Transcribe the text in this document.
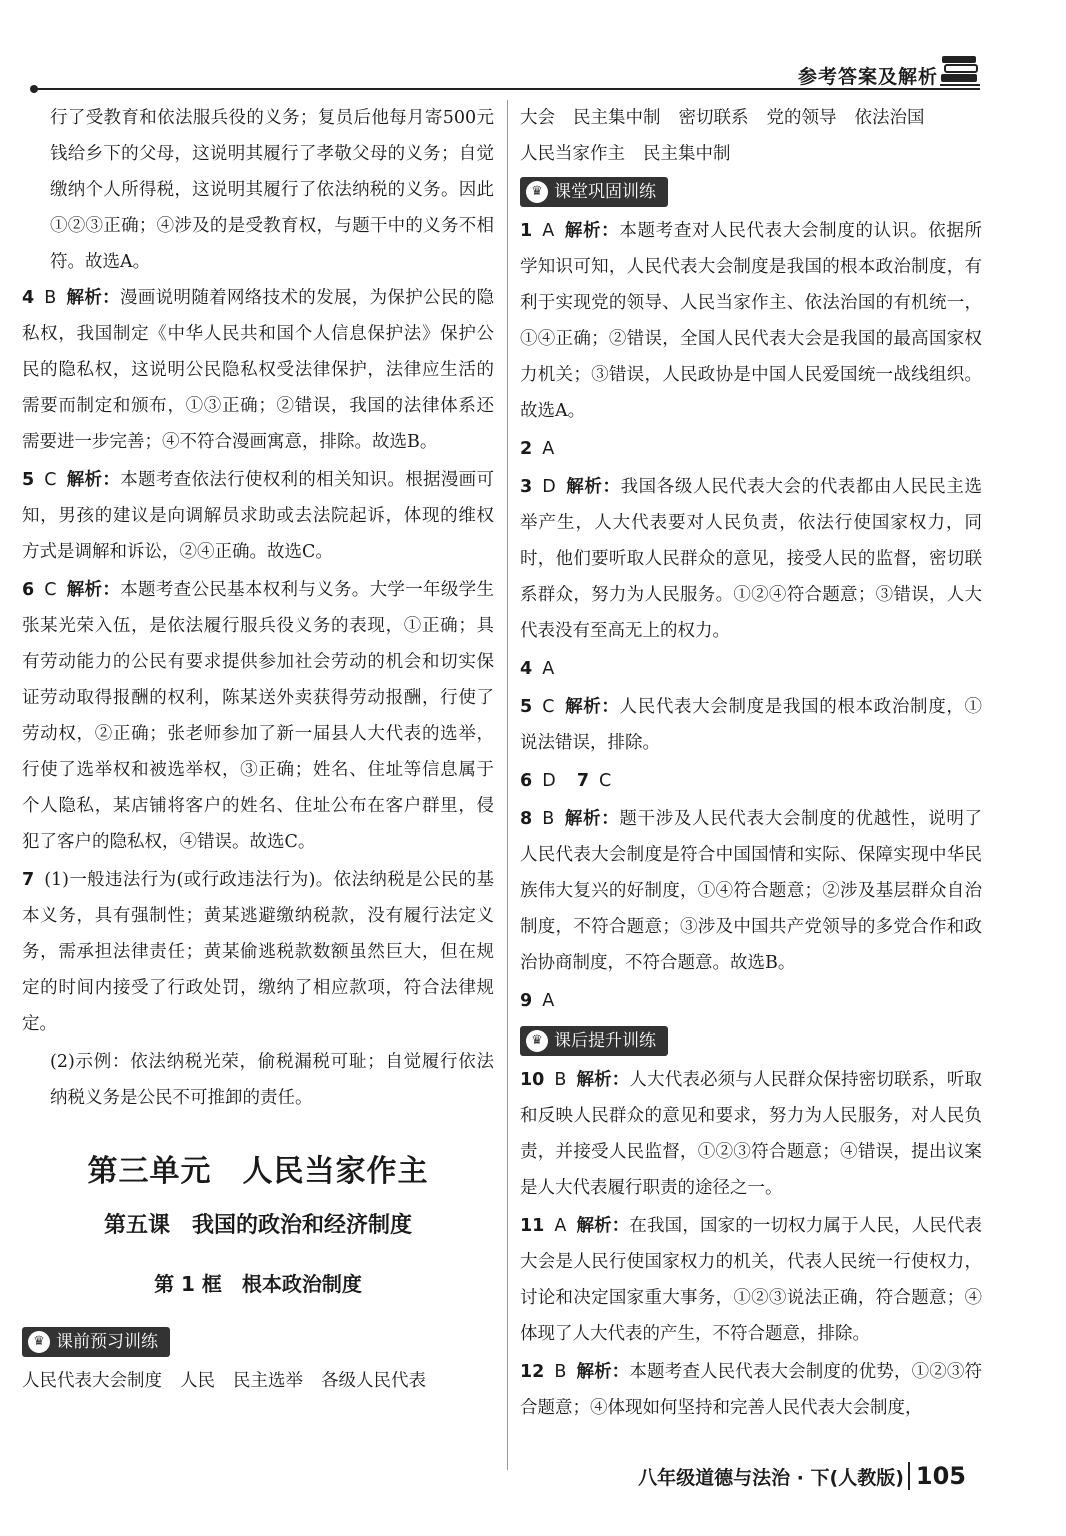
参考答案及解析

行了受教育和依法服兵役的义务；复员后他每月寄500元钱给乡下的父母，这说明其履行了孝敬父母的义务；自觉缴纳个人所得税，这说明其履行了依法纳税的义务。因此①②③正确；④涉及的是受教育权，与题干中的义务不相符。故选A。

4 B 解析：漫画说明随着网络技术的发展，为保护公民的隐私权，我国制定《中华人民共和国个人信息保护法》保护公民的隐私权，这说明公民隐私权受法律保护，法律应生活的需要而制定和颁布，①③正确；②错误，我国的法律体系还需要进一步完善；④不符合漫画寓意，排除。故选B。

5 C 解析：本题考查依法行使权利的相关知识。根据漫画可知，男孩的建议是向调解员求助或去法院起诉，体现的维权方式是调解和诉讼，②④正确。故选C。

6 C 解析：本题考查公民基本权利与义务。大学一年级学生张某光荣入伍，是依法履行服兵役义务的表现，①正确；具有劳动能力的公民有要求提供参加社会劳动的机会和切实保证劳动取得报酬的权利，陈某送外卖获得劳动报酬，行使了劳动权，②正确；张老师参加了新一届县人大代表的选举，行使了选举权和被选举权，③正确；姓名、住址等信息属于个人隐私，某店铺将客户的姓名、住址公布在客户群里，侵犯了客户的隐私权，④错误。故选C。

7 (1)一般违法行为(或行政违法行为)。依法纳税是公民的基本义务，具有强制性；黄某逃避缴纳税款，没有履行法定义务，需承担法律责任；黄某偷逃税款数额虽然巨大，但在规定的时间内接受了行政处罚，缴纳了相应款项，符合法律规定。

(2)示例：依法纳税光荣，偷税漏税可耻；自觉履行依法纳税义务是公民不可推卸的责任。

第三单元　人民当家作主
第五课　我国的政治和经济制度
第 1 框　根本政治制度
♛ 课前预习训练

人民代表大会制度 人民 民主选举 各级人民代表

大会 民主集中制 密切联系 党的领导 依法治国

人民当家作主 民主集中制

♛ 课堂巩固训练

1 A 解析：本题考查对人民代表大会制度的认识。依据所学知识可知，人民代表大会制度是我国的根本政治制度，有利于实现党的领导、人民当家作主、依法治国的有机统一，①④正确；②错误，全国人民代表大会是我国的最高国家权力机关；③错误，人民政协是中国人民爱国统一战线组织。故选A。

2 A

3 D 解析：我国各级人民代表大会的代表都由人民民主选举产生，人大代表要对人民负责，依法行使国家权力，同时，他们要听取人民群众的意见，接受人民的监督，密切联系群众，努力为人民服务。①②④符合题意；③错误，人大代表没有至高无上的权力。

4 A

5 C 解析：人民代表大会制度是我国的根本政治制度，①说法错误，排除。

6 D 7 C

8 B 解析：题干涉及人民代表大会制度的优越性，说明了人民代表大会制度是符合中国国情和实际、保障实现中华民族伟大复兴的好制度，①④符合题意；②涉及基层群众自治制度，不符合题意；③涉及中国共产党领导的多党合作和政治协商制度，不符合题意。故选B。

9 A

♛ 课后提升训练

10 B 解析：人大代表必须与人民群众保持密切联系，听取和反映人民群众的意见和要求，努力为人民服务，对人民负责，并接受人民监督，①②③符合题意；④错误，提出议案是人大代表履行职责的途径之一。

11 A 解析：在我国，国家的一切权力属于人民，人民代表大会是人民行使国家权力的机关，代表人民统一行使权力，讨论和决定国家重大事务，①②③说法正确，符合题意；④体现了人大代表的产生，不符合题意，排除。

12 B 解析：本题考查人民代表大会制度的优势，①②③符合题意；④体现如何坚持和完善人民代表大会制度，

八年级道德与法治 · 下(人教版) 105
